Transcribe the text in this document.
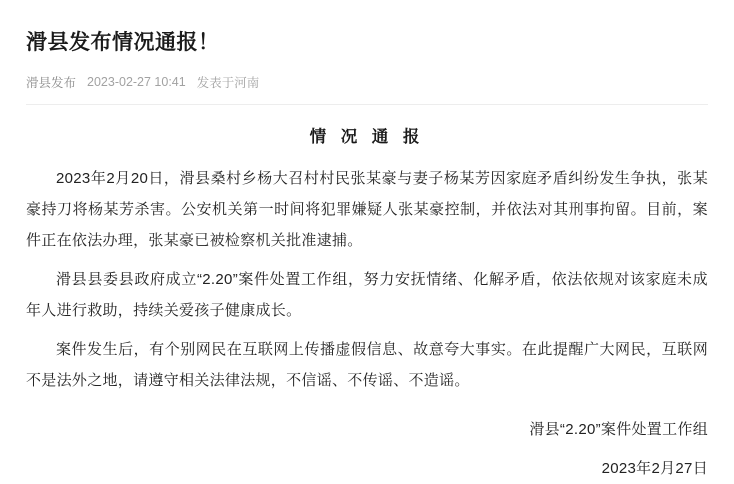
滑县发布情况通报！
滑县发布 2023-02-27 10:41 发表于河南
情 况 通 报

2023年2月20日，滑县桑村乡杨大召村村民张某豪与妻子杨某芳因家庭矛盾纠纷发生争执，张某豪持刀将杨某芳杀害。公安机关第一时间将犯罪嫌疑人张某豪控制，并依法对其刑事拘留。目前，案件正在依法办理，张某豪已被检察机关批准逮捕。

滑县县委县政府成立“2.20”案件处置工作组，努力安抚情绪、化解矛盾，依法依规对该家庭未成年人进行救助，持续关爱孩子健康成长。

案件发生后，有个别网民在互联网上传播虚假信息、故意夸大事实。在此提醒广大网民，互联网不是法外之地，请遵守相关法律法规，不信谣、不传谣、不造谣。

滑县“2.20”案件处置工作组

2023年2月27日
